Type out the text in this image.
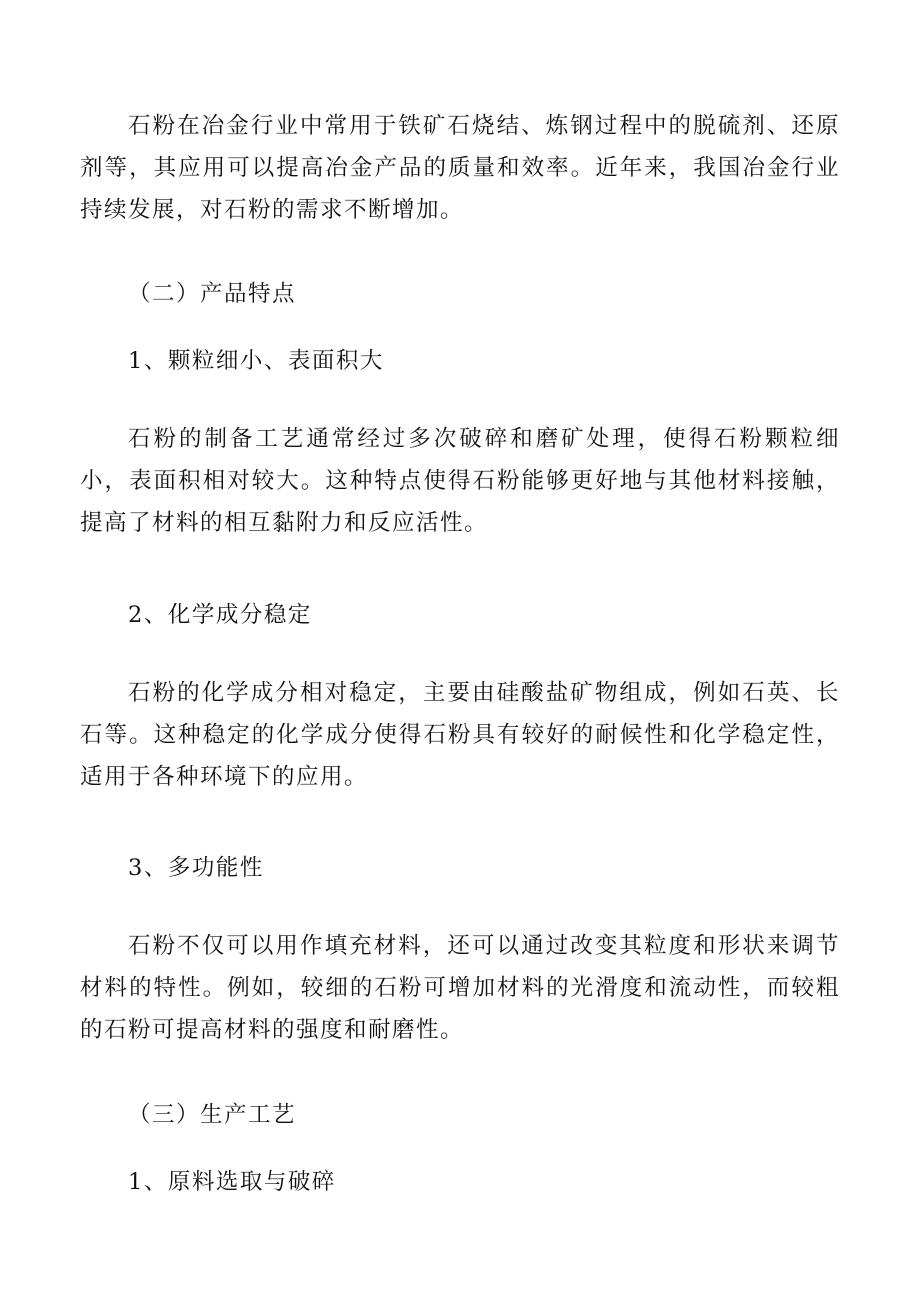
石粉在冶金行业中常用于铁矿石烧结、炼钢过程中的脱硫剂、还原剂等，其应用可以提高冶金产品的质量和效率。近年来，我国冶金行业持续发展，对石粉的需求不断增加。

（二）产品特点

1、颗粒细小、表面积大

石粉的制备工艺通常经过多次破碎和磨矿处理，使得石粉颗粒细小，表面积相对较大。这种特点使得石粉能够更好地与其他材料接触，提高了材料的相互黏附力和反应活性。

2、化学成分稳定

石粉的化学成分相对稳定，主要由硅酸盐矿物组成，例如石英、长石等。这种稳定的化学成分使得石粉具有较好的耐候性和化学稳定性，适用于各种环境下的应用。

3、多功能性

石粉不仅可以用作填充材料，还可以通过改变其粒度和形状来调节材料的特性。例如，较细的石粉可增加材料的光滑度和流动性，而较粗的石粉可提高材料的强度和耐磨性。

（三）生产工艺

1、原料选取与破碎
